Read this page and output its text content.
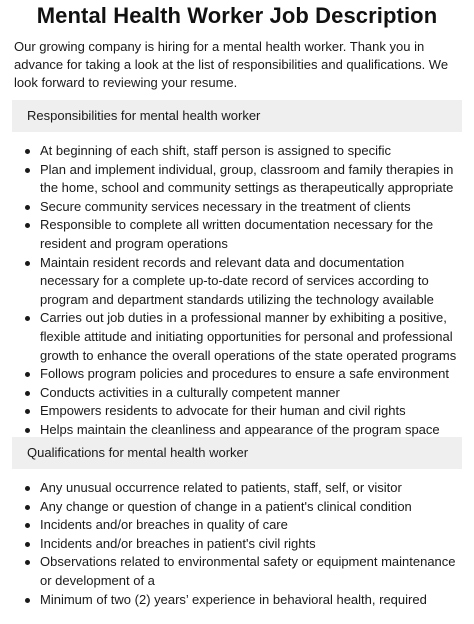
Mental Health Worker Job Description
Our growing company is hiring for a mental health worker. Thank you in advance for taking a look at the list of responsibilities and qualifications. We look forward to reviewing your resume.
Responsibilities for mental health worker
At beginning of each shift, staff person is assigned to specific
Plan and implement individual, group, classroom and family therapies in the home, school and community settings as therapeutically appropriate
Secure community services necessary in the treatment of clients
Responsible to complete all written documentation necessary for the resident and program operations
Maintain resident records and relevant data and documentation necessary for a complete up-to-date record of services according to program and department standards utilizing the technology available
Carries out job duties in a professional manner by exhibiting a positive, flexible attitude and initiating opportunities for personal and professional growth to enhance the overall operations of the state operated programs
Follows program policies and procedures to ensure a safe environment
Conducts activities in a culturally competent manner
Empowers residents to advocate for their human and civil rights
Helps maintain the cleanliness and appearance of the program space
Qualifications for mental health worker
Any unusual occurrence related to patients, staff, self, or visitor
Any change or question of change in a patient's clinical condition
Incidents and/or breaches in quality of care
Incidents and/or breaches in patient's civil rights
Observations related to environmental safety or equipment maintenance or development of a
Minimum of two (2) years’ experience in behavioral health, required
